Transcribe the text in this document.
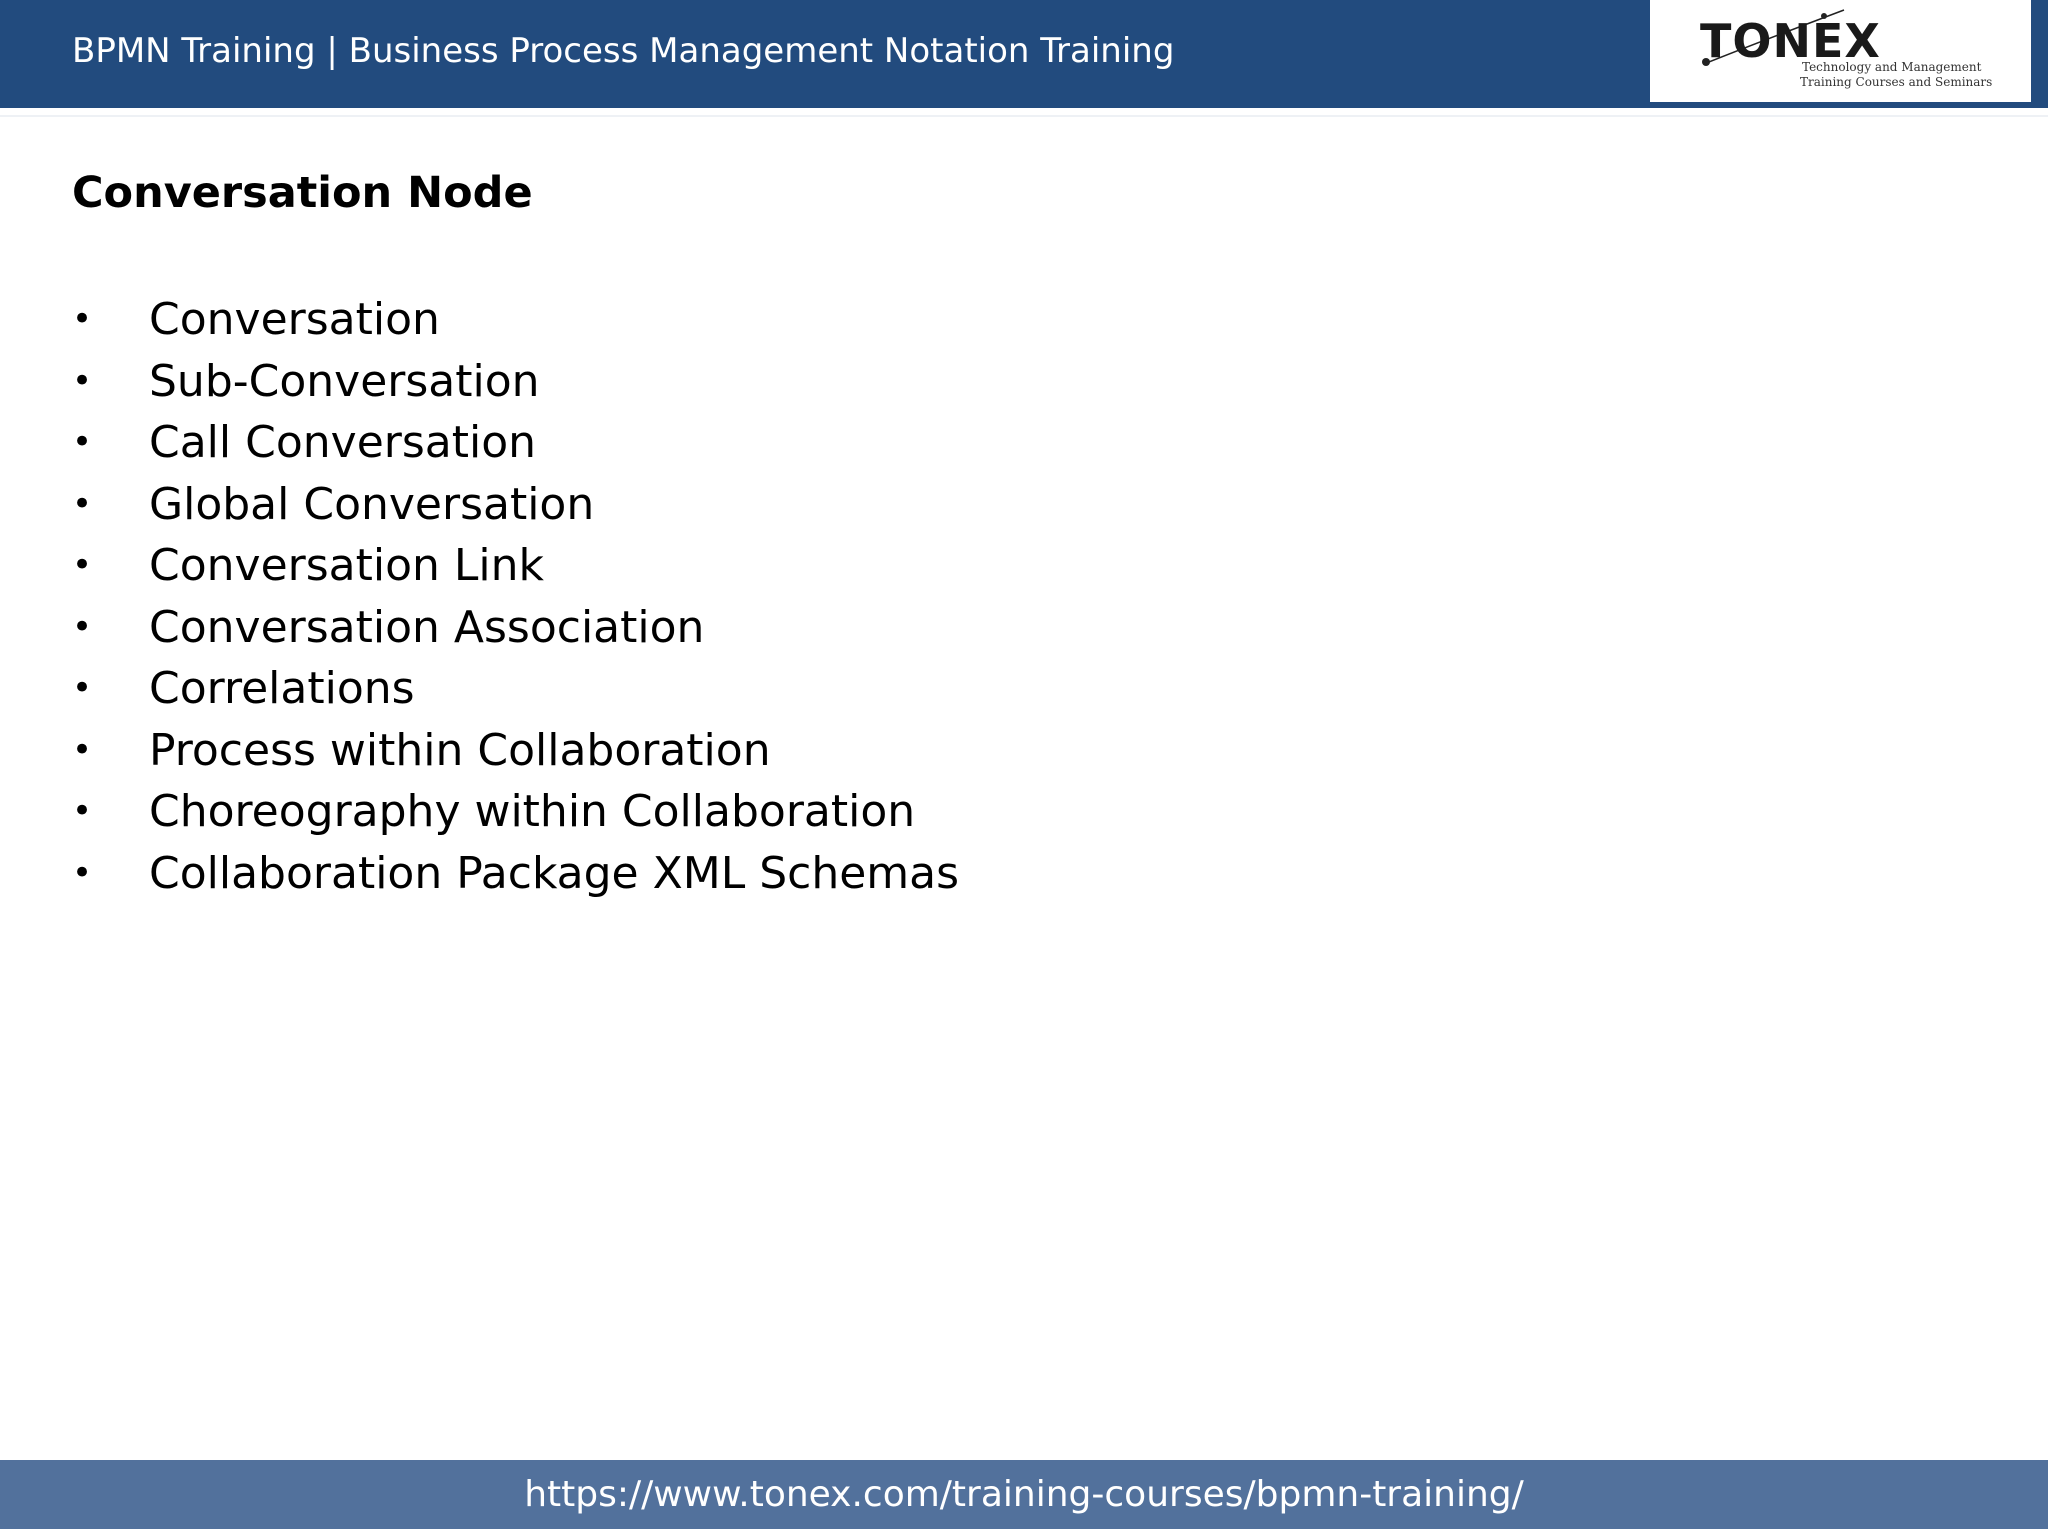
BPMN Training | Business Process Management Notation Training	TONEX
Technology and Management
Training Courses and Seminars
Conversation Node
• Conversation
• Sub-Conversation
• Call Conversation
• Global Conversation
• Conversation Link
• Conversation Association
• Correlations
• Process within Collaboration
• Choreography within Collaboration
• Collaboration Package XML Schemas
https://www.tonex.com/training-courses/bpmn-training/
